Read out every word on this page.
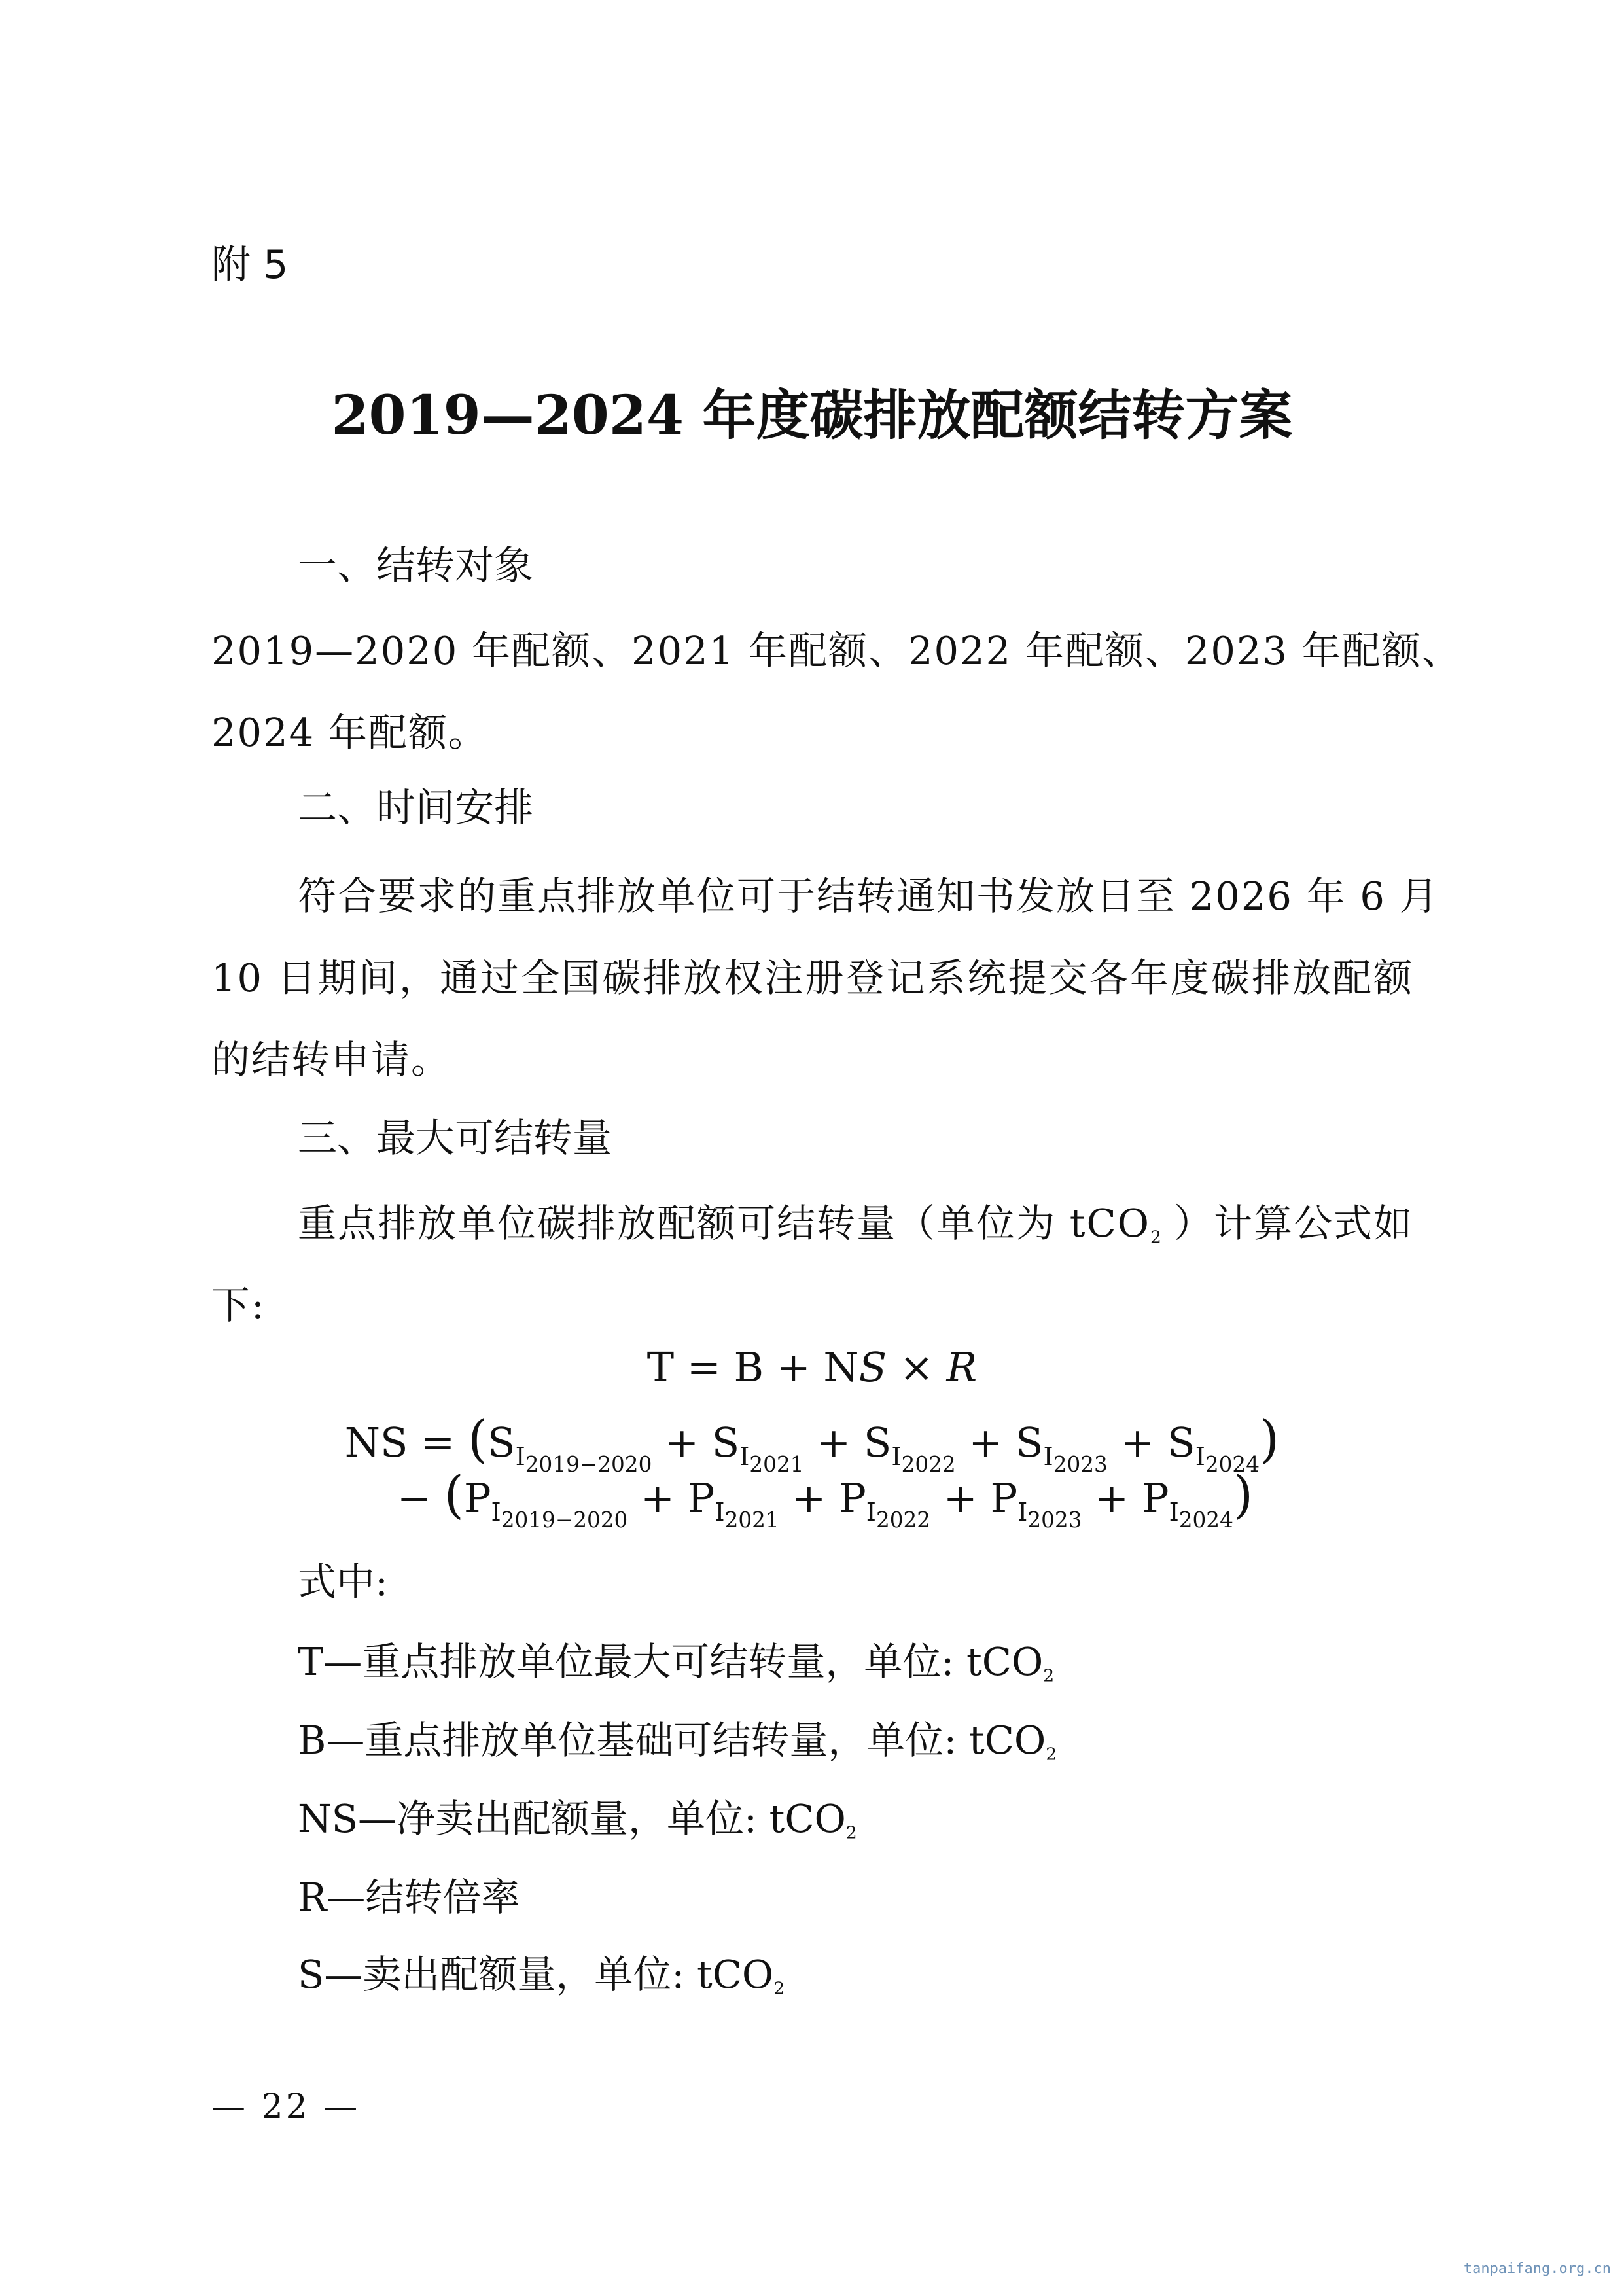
附 5
2019—2024 年度碳排放配额结转方案
一、结转对象
2019—2020 年配额、2021 年配额、2022 年配额、2023 年配额、
2024 年配额。
二、时间安排
符合要求的重点排放单位可于结转通知书发放日至 2026 年 6 月
10 日期间，通过全国碳排放权注册登记系统提交各年度碳排放配额
的结转申请。
三、最大可结转量
重点排放单位碳排放配额可结转量（单位为 tCO2 ）计算公式如
下:
T = B + NS × R
NS = $(S_{I_{2019-2020}} + S_{I_{2021}} + S_{I_{2022}} + S_{I_{2023}} + S_{I_{2024}})$
− $(P_{I_{2019-2020}} + P_{I_{2021}} + P_{I_{2022}} + P_{I_{2023}} + P_{I_{2024}})$
式中:
T—重点排放单位最大可结转量，单位: tCO2
B—重点排放单位基础可结转量，单位: tCO2
NS—净卖出配额量，单位: tCO2
R—结转倍率
S—卖出配额量，单位: tCO2
— 22 —
tanpaifang.org.cn
